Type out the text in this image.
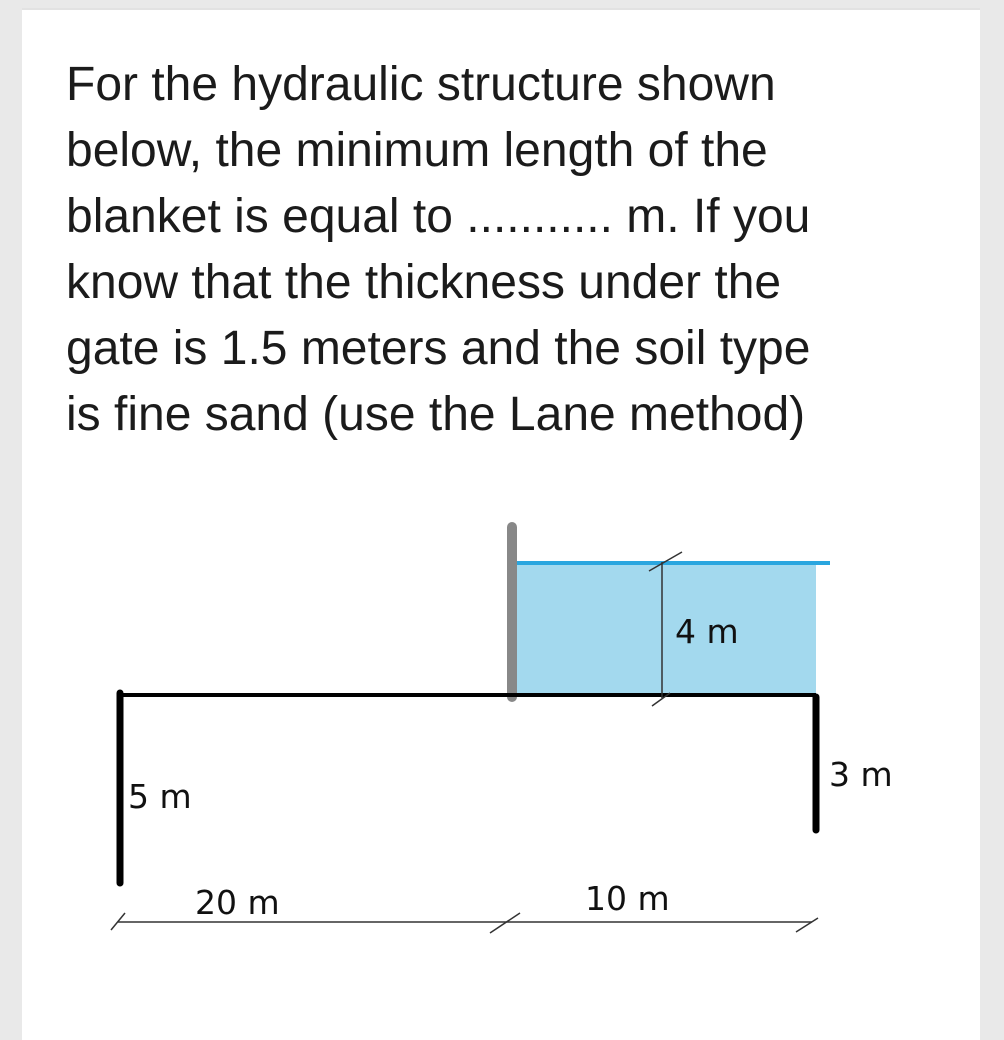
For the hydraulic structure shown
below, the minimum length of the
blanket is equal to ........... m. If you
know that the thickness under the
gate is 1.5 meters and the soil type
is fine sand (use the Lane method)

4 m
5 m
3 m
20 m	10 m
